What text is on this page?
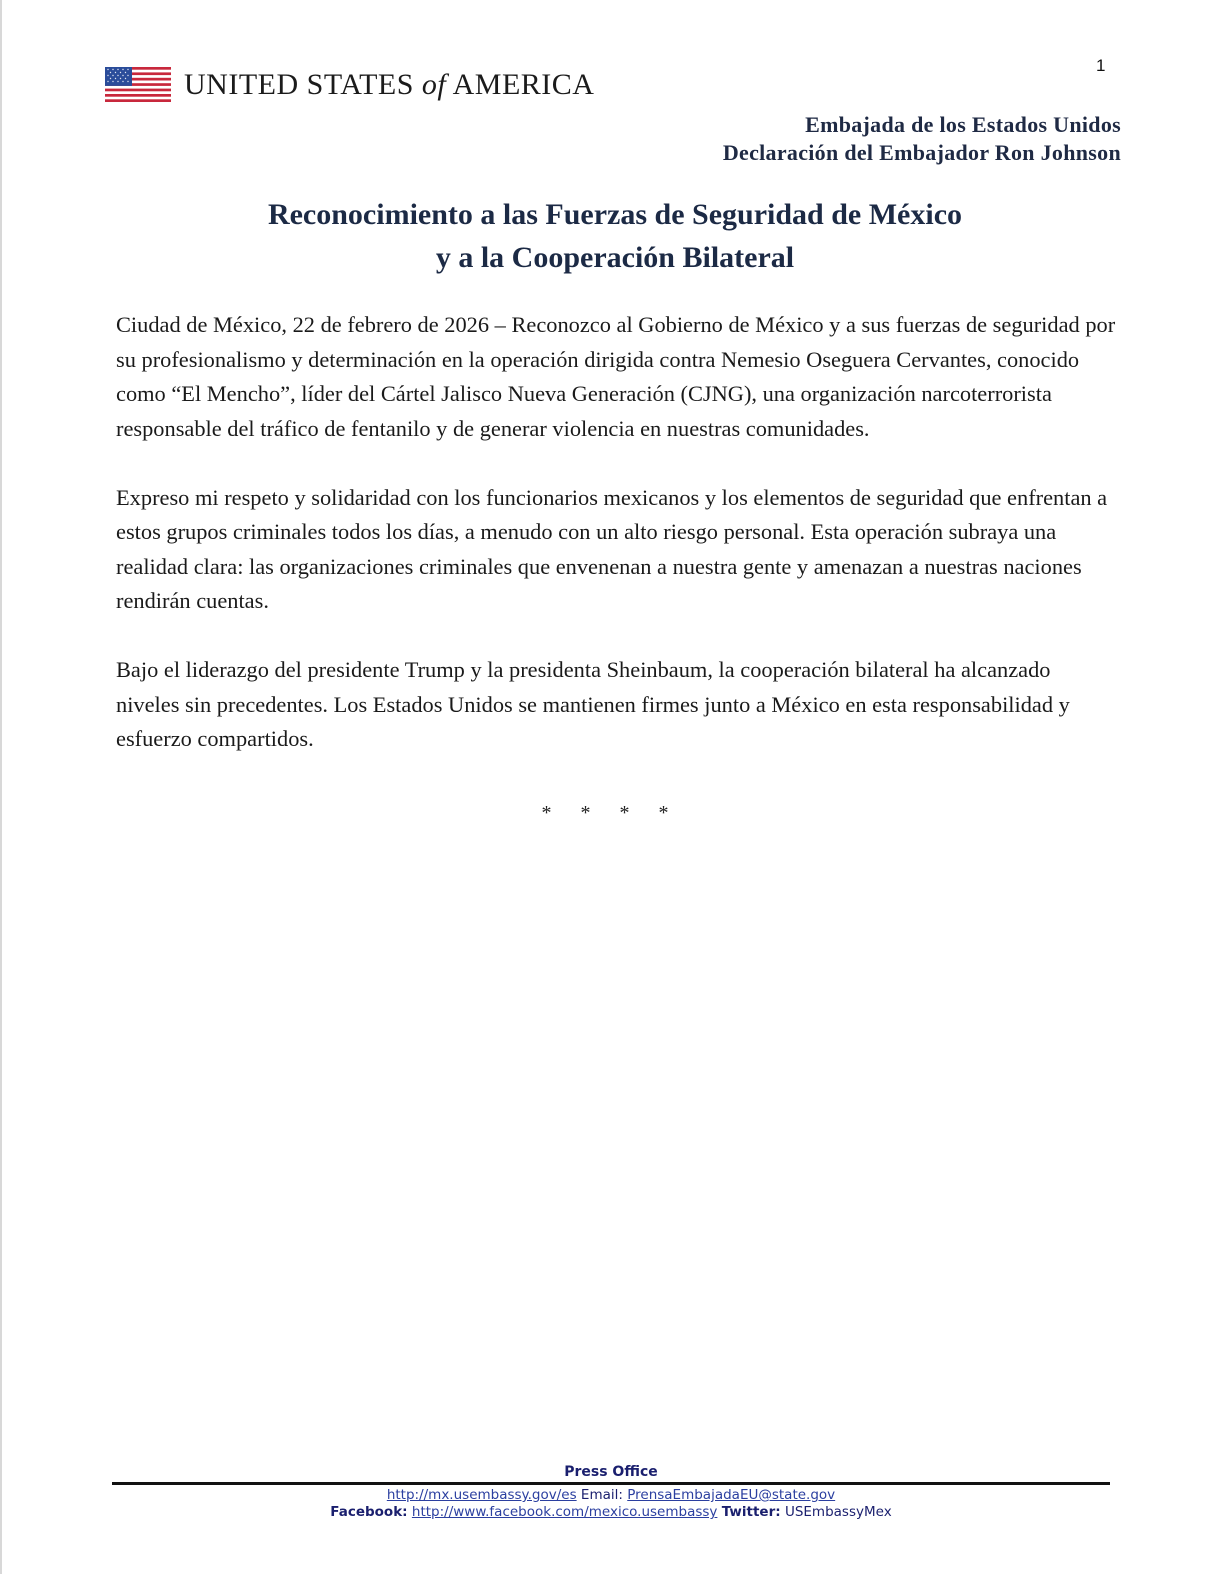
1
UNITED STATES of AMERICA
Embajada de los Estados Unidos
Declaración del Embajador Ron Johnson
Reconocimiento a las Fuerzas de Seguridad de México
y a la Cooperación Bilateral

Ciudad de México, 22 de febrero de 2026 – Reconozco al Gobierno de México y a sus fuerzas de seguridad por su profesionalismo y determinación en la operación dirigida contra Nemesio Oseguera Cervantes, conocido como “El Mencho”, líder del Cártel Jalisco Nueva Generación (CJNG), una organización narcoterrorista responsable del tráfico de fentanilo y de generar violencia en nuestras comunidades.

Expreso mi respeto y solidaridad con los funcionarios mexicanos y los elementos de seguridad que enfrentan a estos grupos criminales todos los días, a menudo con un alto riesgo personal. Esta operación subraya una realidad clara: las organizaciones criminales que envenenan a nuestra gente y amenazan a nuestras naciones rendirán cuentas.

Bajo el liderazgo del presidente Trump y la presidenta Sheinbaum, la cooperación bilateral ha alcanzado niveles sin precedentes. Los Estados Unidos se mantienen firmes junto a México en esta responsabilidad y esfuerzo compartidos.

* * * *
Press Office
http://mx.usembassy.gov/es Email: PrensaEmbajadaEU@state.gov
Facebook: http://www.facebook.com/mexico.usembassy Twitter: USEmbassyMex
